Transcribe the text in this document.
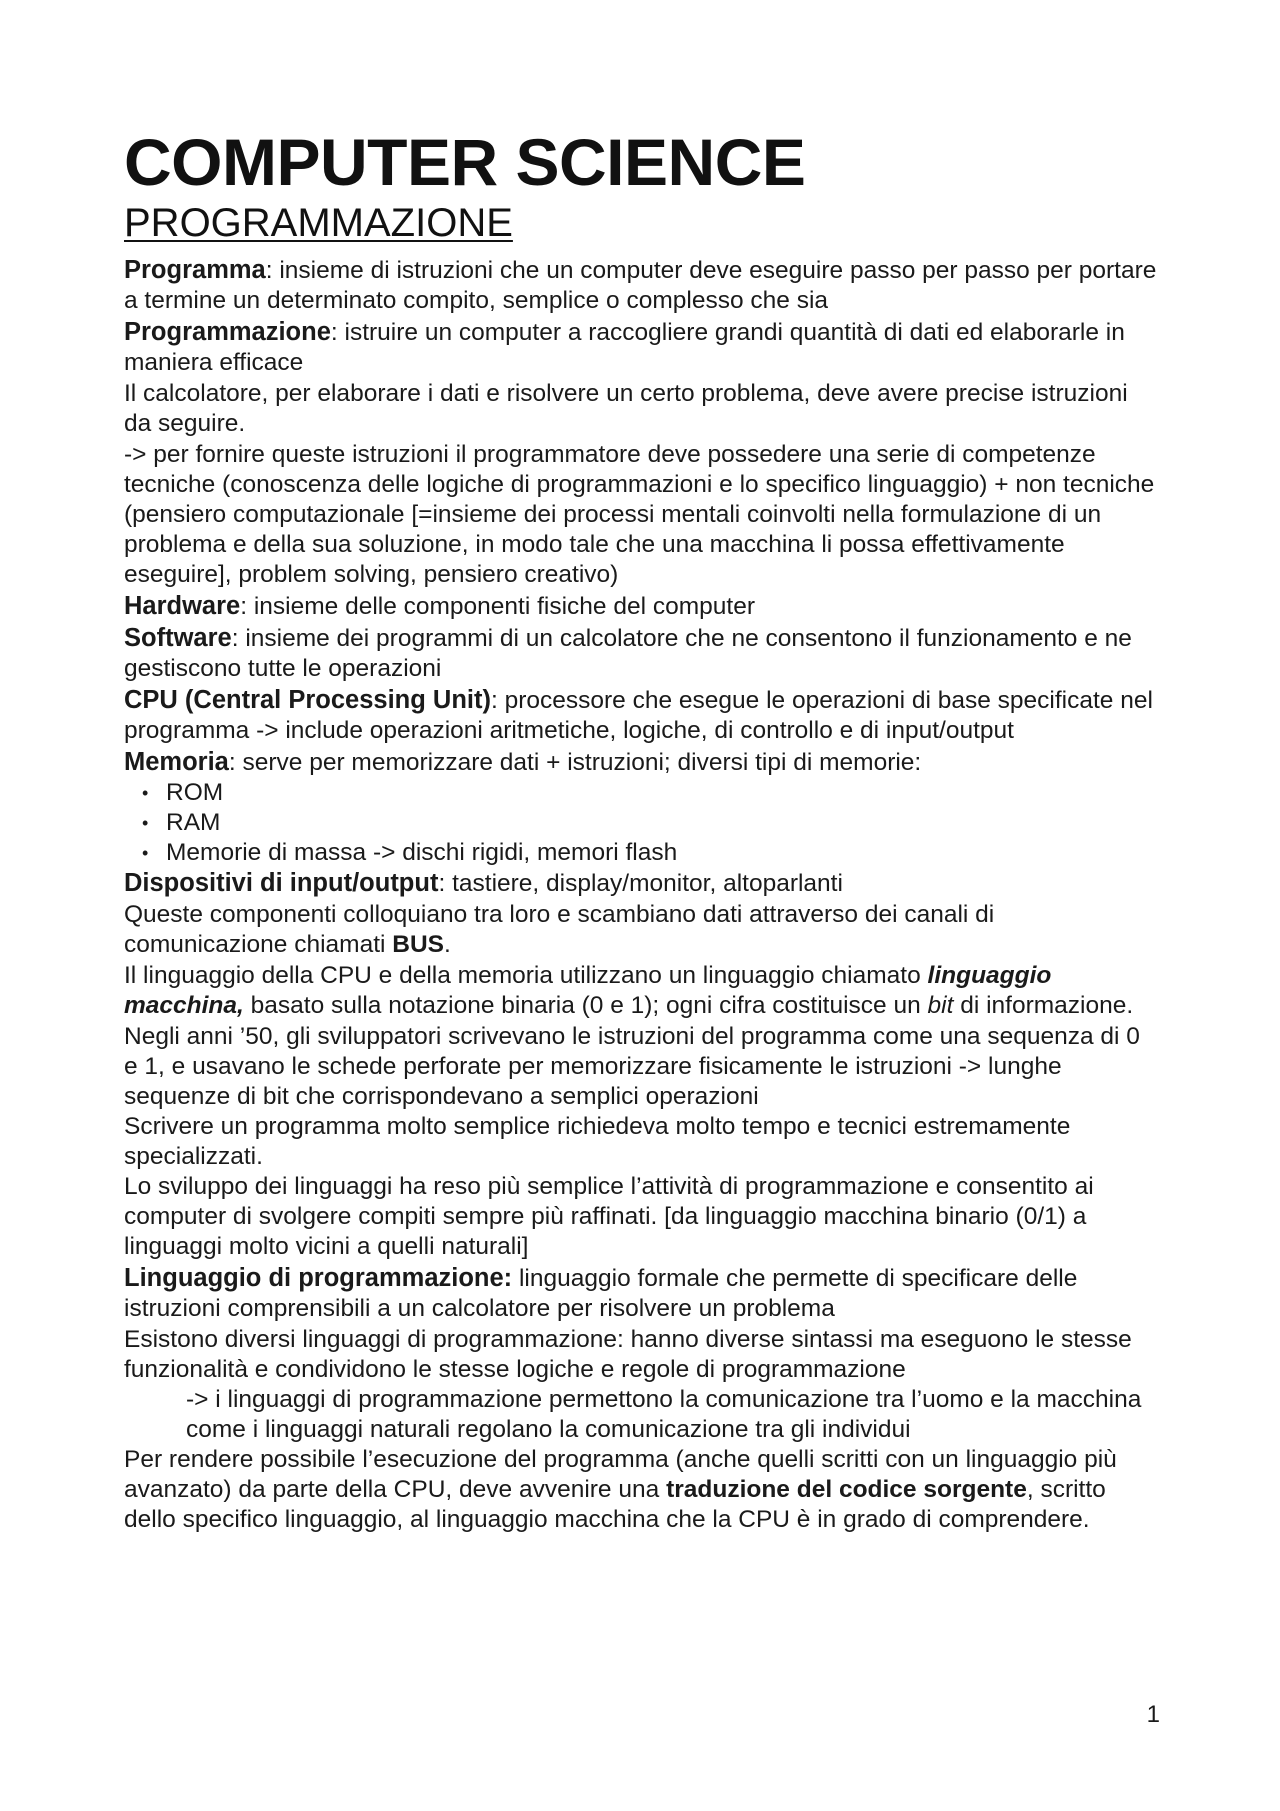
COMPUTER SCIENCE
PROGRAMMAZIONE

Programma: insieme di istruzioni che un computer deve eseguire passo per passo per portare a termine un determinato compito, semplice o complesso che sia

Programmazione: istruire un computer a raccogliere grandi quantità di dati ed elaborarle in maniera efficace

Il calcolatore, per elaborare i dati e risolvere un certo problema, deve avere precise istruzioni da seguire.

-> per fornire queste istruzioni il programmatore deve possedere una serie di competenze tecniche (conoscenza delle logiche di programmazioni e lo specifico linguaggio) + non tecniche (pensiero computazionale [=insieme dei processi mentali coinvolti nella formulazione di un problema e della sua soluzione, in modo tale che una macchina li possa effettivamente eseguire], problem solving, pensiero creativo)

Hardware: insieme delle componenti fisiche del computer

Software: insieme dei programmi di un calcolatore che ne consentono il funzionamento e ne gestiscono tutte le operazioni

CPU (Central Processing Unit): processore che esegue le operazioni di base specificate nel programma -> include operazioni aritmetiche, logiche, di controllo e di input/output

Memoria: serve per memorizzare dati + istruzioni; diversi tipi di memorie:

• ROM
• RAM
• Memorie di massa -> dischi rigidi, memori flash

Dispositivi di input/output: tastiere, display/monitor, altoparlanti

Queste componenti colloquiano tra loro e scambiano dati attraverso dei canali di comunicazione chiamati BUS.

Il linguaggio della CPU e della memoria utilizzano un linguaggio chiamato linguaggio macchina, basato sulla notazione binaria (0 e 1); ogni cifra costituisce un bit di informazione.

Negli anni ’50, gli sviluppatori scrivevano le istruzioni del programma come una sequenza di 0 e 1, e usavano le schede perforate per memorizzare fisicamente le istruzioni -> lunghe sequenze di bit che corrispondevano a semplici operazioni

Scrivere un programma molto semplice richiedeva molto tempo e tecnici estremamente specializzati.

Lo sviluppo dei linguaggi ha reso più semplice l’attività di programmazione e consentito ai computer di svolgere compiti sempre più raffinati. [da linguaggio macchina binario (0/1) a linguaggi molto vicini a quelli naturali]

Linguaggio di programmazione: linguaggio formale che permette di specificare delle istruzioni comprensibili a un calcolatore per risolvere un problema

Esistono diversi linguaggi di programmazione: hanno diverse sintassi ma eseguono le stesse funzionalità e condividono le stesse logiche e regole di programmazione

-> i linguaggi di programmazione permettono la comunicazione tra l’uomo e la macchina come i linguaggi naturali regolano la comunicazione tra gli individui

Per rendere possibile l’esecuzione del programma (anche quelli scritti con un linguaggio più avanzato) da parte della CPU, deve avvenire una traduzione del codice sorgente, scritto dello specifico linguaggio, al linguaggio macchina che la CPU è in grado di comprendere.

1
